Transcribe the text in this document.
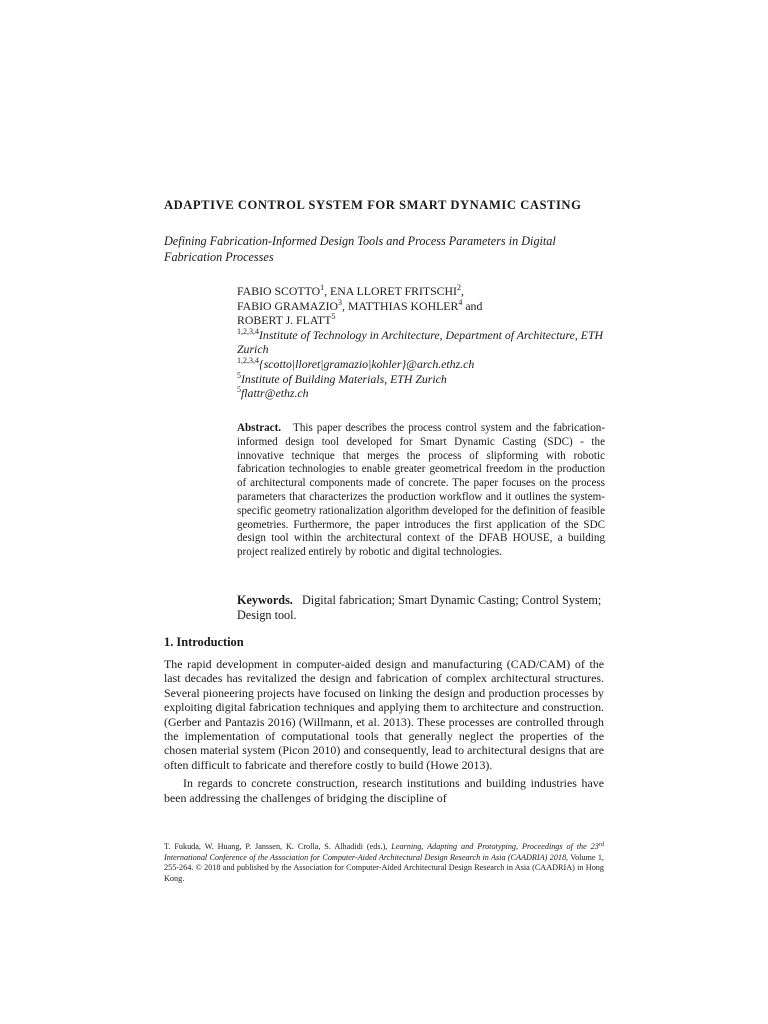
ADAPTIVE CONTROL SYSTEM FOR SMART DYNAMIC CASTING
Defining Fabrication-Informed Design Tools and Process Parameters in Digital Fabrication Processes
FABIO SCOTTO$^1$, ENA LLORET FRITSCHI$^2$,
FABIO GRAMAZIO$^3$, MATTHIAS KOHLER$^4$ and
ROBERT J. FLATT$^5$
$^{1,2,3,4}$Institute of Technology in Architecture, Department of Architecture, ETH Zurich
$^{1,2,3,4}${scotto|lloret|gramazio|kohler}@arch.ethz.ch
$^5$Institute of Building Materials, ETH Zurich
$^5$flattr@ethz.ch
Abstract. This paper describes the process control system and the fabrication-informed design tool developed for Smart Dynamic Casting (SDC) - the innovative technique that merges the process of slipforming with robotic fabrication technologies to enable greater geometrical freedom in the production of architectural components made of concrete. The paper focuses on the process parameters that characterizes the production workflow and it outlines the system-specific geometry rationalization algorithm developed for the definition of feasible geometries. Furthermore, the paper introduces the first application of the SDC design tool within the architectural context of the DFAB HOUSE, a building project realized entirely by robotic and digital technologies.
Keywords. Digital fabrication; Smart Dynamic Casting; Control System; Design tool.
1. Introduction

The rapid development in computer-aided design and manufacturing (CAD/CAM) of the last decades has revitalized the design and fabrication of complex architectural structures. Several pioneering projects have focused on linking the design and production processes by exploiting digital fabrication techniques and applying them to architecture and construction. (Gerber and Pantazis 2016) (Willmann, et al. 2013). These processes are controlled through the implementation of computational tools that generally neglect the properties of the chosen material system (Picon 2010) and consequently, lead to architectural designs that are often difficult to fabricate and therefore costly to build (Howe 2013).

In regards to concrete construction, research institutions and building industries have been addressing the challenges of bridging the discipline of

T. Fukuda, W. Huang, P. Janssen, K. Crolla, S. Alhadidi (eds.), Learning, Adapting and Prototyping, Proceedings of the 23rd International Conference of the Association for Computer-Aided Architectural Design Research in Asia (CAADRIA) 2018, Volume 1, 255-264. © 2018 and published by the Association for Computer-Aided Architectural Design Research in Asia (CAADRIA) in Hong Kong.
